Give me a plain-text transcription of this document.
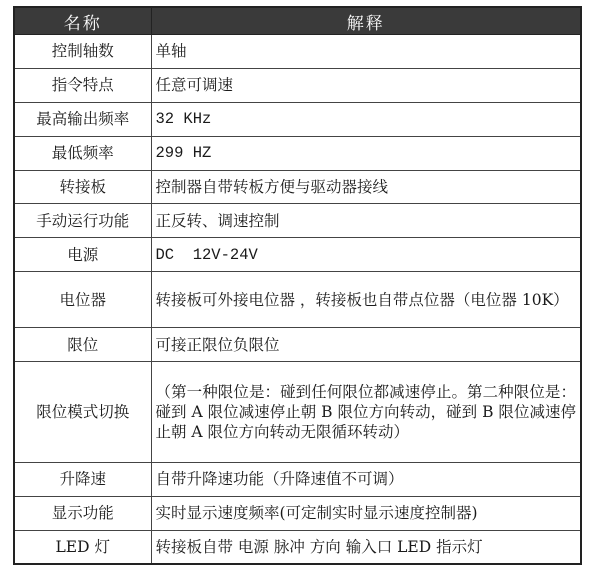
名称	解释
控制轴数	单轴
指令特点	任意可调速
最高输出频率	32 KHz
最低频率	299 HZ
转接板	控制器自带转板方便与驱动器接线
手动运行功能	正反转、调速控制
电源	DC  12V-24V
电位器	转接板可外接电位器 ，转接板也自带点位器（电位器 10K）
限位	可接正限位负限位
限位模式切换	（第一种限位是：碰到任何限位都减速停止。第二种限位是：碰到 A 限位减速停止朝 B 限位方向转动，碰到 B 限位减速停止朝 A 限位方向转动无限循环转动）
升降速	自带升降速功能（升降速值不可调）
显示功能	实时显示速度频率(可定制实时显示速度控制器)
LED 灯	转接板自带 电源 脉冲 方向 输入口 LED 指示灯
